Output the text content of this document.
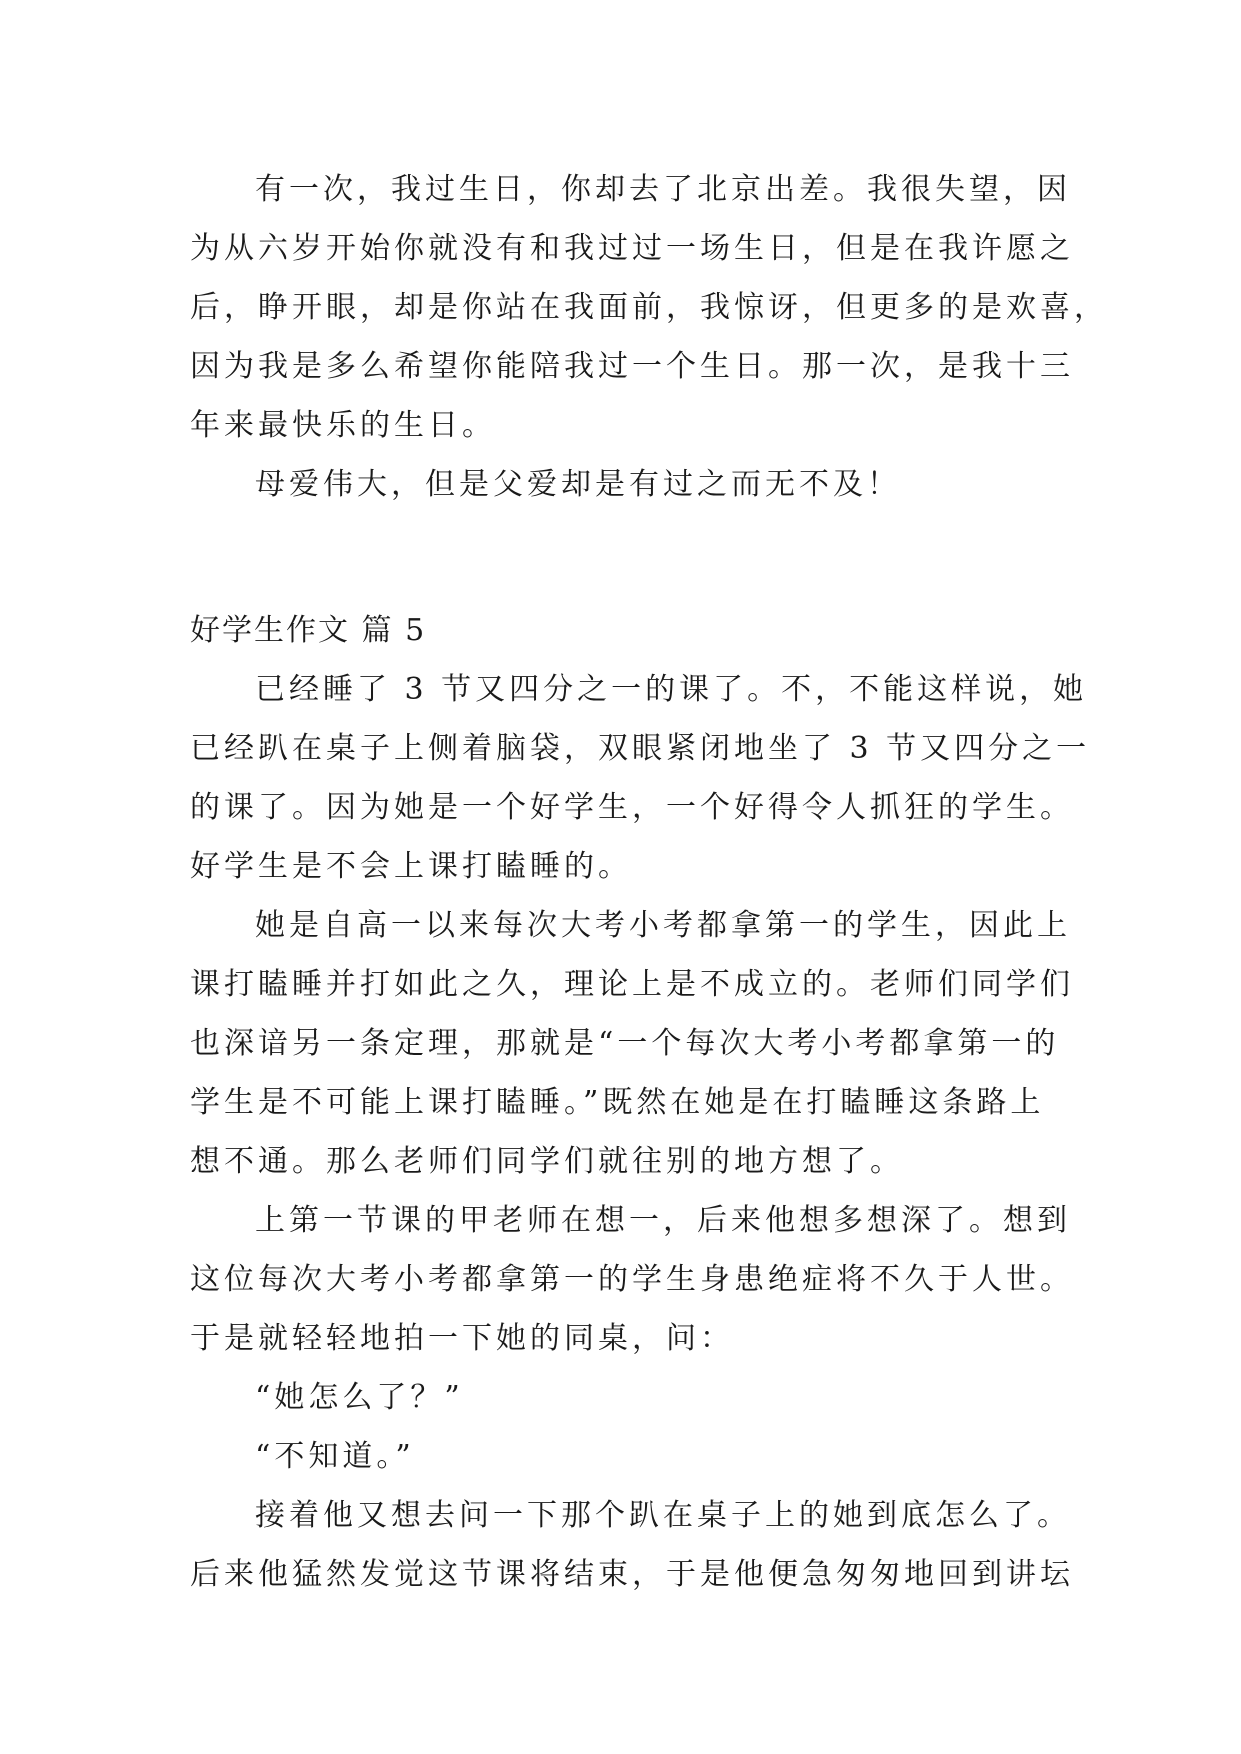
有一次，我过生日，你却去了北京出差。我很失望，因
为从六岁开始你就没有和我过过一场生日，但是在我许愿之
后，睁开眼，却是你站在我面前，我惊讶，但更多的是欢喜，
因为我是多么希望你能陪我过一个生日。那一次，是我十三
年来最快乐的生日。
母爱伟大，但是父爱却是有过之而无不及！
好学生作文 篇 5
已经睡了 3 节又四分之一的课了。不，不能这样说，她
已经趴在桌子上侧着脑袋，双眼紧闭地坐了 3 节又四分之一
的课了。因为她是一个好学生，一个好得令人抓狂的学生。
好学生是不会上课打瞌睡的。
她是自高一以来每次大考小考都拿第一的学生，因此上
课打瞌睡并打如此之久，理论上是不成立的。老师们同学们
也深谙另一条定理，那就是“一个每次大考小考都拿第一的
学生是不可能上课打瞌睡。”既然在她是在打瞌睡这条路上
想不通。那么老师们同学们就往别的地方想了。
上第一节课的甲老师在想一，后来他想多想深了。想到
这位每次大考小考都拿第一的学生身患绝症将不久于人世。
于是就轻轻地拍一下她的同桌，问：
“她怎么了？”
“不知道。”
接着他又想去问一下那个趴在桌子上的她到底怎么了。
后来他猛然发觉这节课将结束，于是他便急匆匆地回到讲坛
